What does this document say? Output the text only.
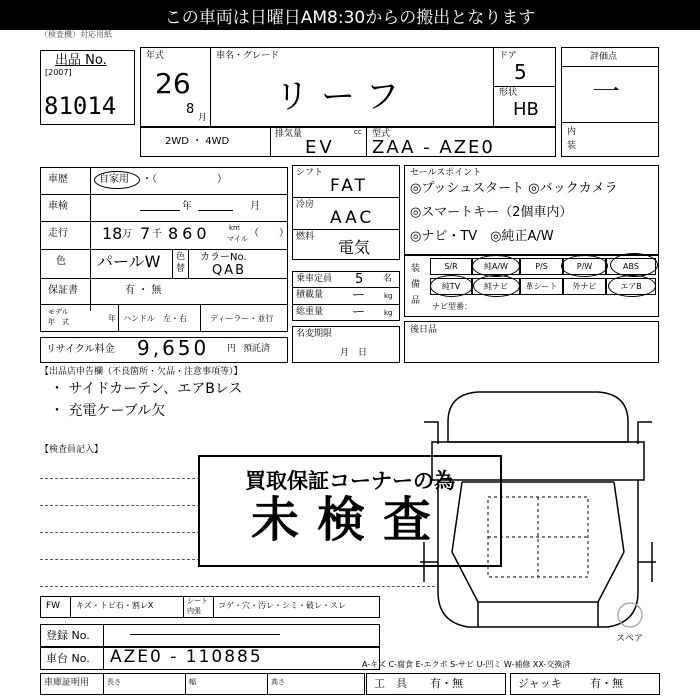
この車両は日曜日AM8:30からの搬出となります
（検査機）対応用紙
出品 No.
[2007]
81014
年式
26
8
月
車名・グレード
リーフ
ドア
5
形状
HB
評価点
一
内
装
2WD ・ 4WD
排気量	cc
EV
型式
ZAA - AZE0
車歴	自家用 ・（　　　　　　）
車検	年	月
走行 18 万 7 千 860	km
マイル （　　）
色 パールW 色
替
カラーNo.
QAB
保証書	有 ・ 無
モデル
年　式	年 ハンドル　左・右	ディーラー・並行
リサイクル料金 9,650 円 預託済
シフト
FAT
冷房
AAC
燃料
電気
乗車定員 5 名
積載量 ー	kg
総重量 ー	kg
名変期限
月　日
セールスポイント
◎プッシュスタート ◎バックカメラ
◎スマートキー（2個車内）
◎ナビ・TV　◎純正A/W
装
備
品
S/R	純A/W	P/S	P/W	ABS
純TV	純ナビ	革シート	外ナビ	エアB
ナビ型番：
後日品
【出品店申告欄（不良箇所・欠品・注意事項等）】
・ サイドカーテン、エアBレス
・ 充電ケーブル欠
【検査員記入】
買取保証コーナーの為
未検査
スペア
FW キズ・トビ石・割レX	シート
内張
コゲ・穴・汚レ・シミ・破レ・スレ
登録 No.
車台 No. AZE0 - 110885
車庫証明用	長さ	幅	高さ
A-キズ C-腐食 E-エクボ S-サビ U-凹ミ W-補修 XX-交換済
工　具 有・無	ジャッキ	有・無
